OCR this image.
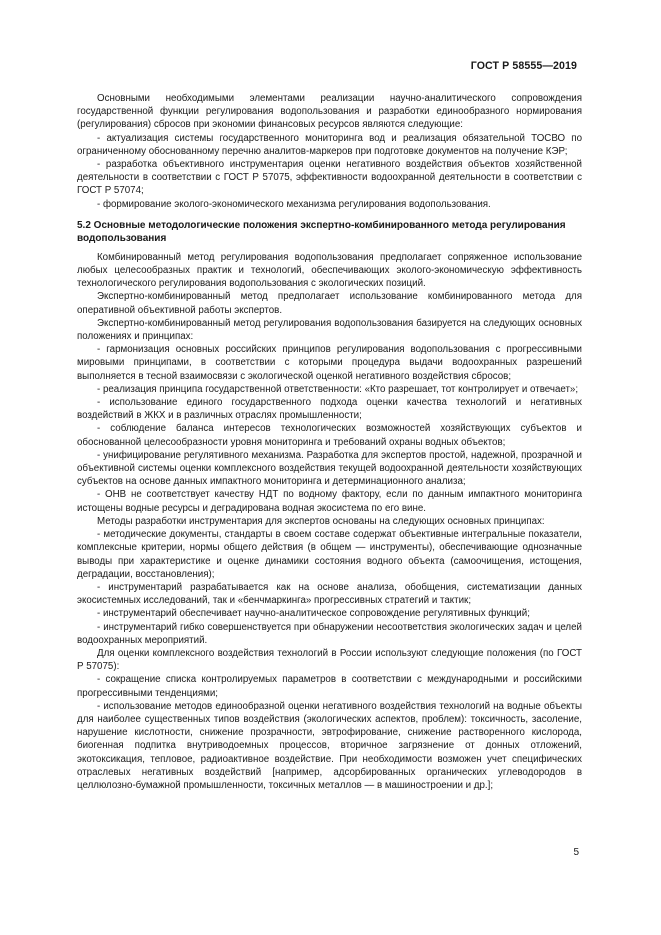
ГОСТ Р 58555—2019

Основными необходимыми элементами реализации научно-аналитического сопровождения государственной функции регулирования водопользования и разработки единообразного нормирования (регулирования) сбросов при экономии финансовых ресурсов являются следующие:

- актуализация системы государственного мониторинга вод и реализация обязательной ТОСВО по ограниченному обоснованному перечню аналитов-маркеров при подготовке документов на получение КЭР;

- разработка объективного инструментария оценки негативного воздействия объектов хозяйственной деятельности в соответствии с ГОСТ Р 57075, эффективности водоохранной деятельности в соответствии с ГОСТ Р 57074;

- формирование эколого-экономического механизма регулирования водопользования.

5.2 Основные методологические положения экспертно-комбинированного метода регулирования водопользования

Комбинированный метод регулирования водопользования предполагает сопряженное использование любых целесообразных практик и технологий, обеспечивающих эколого-экономическую эффективность технологического регулирования водопользования с экологических позиций.

Экспертно-комбинированный метод предполагает использование комбинированного метода для оперативной объективной работы экспертов.

Экспертно-комбинированный метод регулирования водопользования базируется на следующих основных положениях и принципах:

- гармонизация основных российских принципов регулирования водопользования с прогрессивными мировыми принципами, в соответствии с которыми процедура выдачи водоохранных разрешений выполняется в тесной взаимосвязи с экологической оценкой негативного воздействия сбросов;

- реализация принципа государственной ответственности: «Кто разрешает, тот контролирует и отвечает»;

- использование единого государственного подхода оценки качества технологий и негативных воздействий в ЖКХ и в различных отраслях промышленности;

- соблюдение баланса интересов технологических возможностей хозяйствующих субъектов и обоснованной целесообразности уровня мониторинга и требований охраны водных объектов;

- унифицирование регулятивного механизма. Разработка для экспертов простой, надежной, прозрачной и объективной системы оценки комплексного воздействия текущей водоохранной деятельности хозяйствующих субъектов на основе данных импактного мониторинга и детерминационного анализа;

- ОНВ не соответствует качеству НДТ по водному фактору, если по данным импактного мониторинга истощены водные ресурсы и деградирована водная экосистема по его вине.

Методы разработки инструментария для экспертов основаны на следующих основных принципах:

- методические документы, стандарты в своем составе содержат объективные интегральные показатели, комплексные критерии, нормы общего действия (в общем — инструменты), обеспечивающие однозначные выводы при характеристике и оценке динамики состояния водного объекта (самоочищения, истощения, деградации, восстановления);

- инструментарий разрабатывается как на основе анализа, обобщения, систематизации данных экосистемных исследований, так и «бенчмаркинга» прогрессивных стратегий и тактик;

- инструментарий обеспечивает научно-аналитическое сопровождение регулятивных функций;

- инструментарий гибко совершенствуется при обнаружении несоответствия экологических задач и целей водоохранных мероприятий.

Для оценки комплексного воздействия технологий в России используют следующие положения (по ГОСТ Р 57075):

- сокращение списка контролируемых параметров в соответствии с международными и российскими прогрессивными тенденциями;

- использование методов единообразной оценки негативного воздействия технологий на водные объекты для наиболее существенных типов воздействия (экологических аспектов, проблем): токсичность, засоление, нарушение кислотности, снижение прозрачности, эвтрофирование, снижение растворенного кислорода, биогенная подпитка внутриводоемных процессов, вторичное загрязнение от донных отложений, экотоксикация, тепловое, радиоактивное воздействие. При необходимости возможен учет специфических отраслевых негативных воздействий [например, адсорбированных органических углеводородов в целлюлозно-бумажной промышленности, токсичных металлов — в машиностроении и др.];

5
